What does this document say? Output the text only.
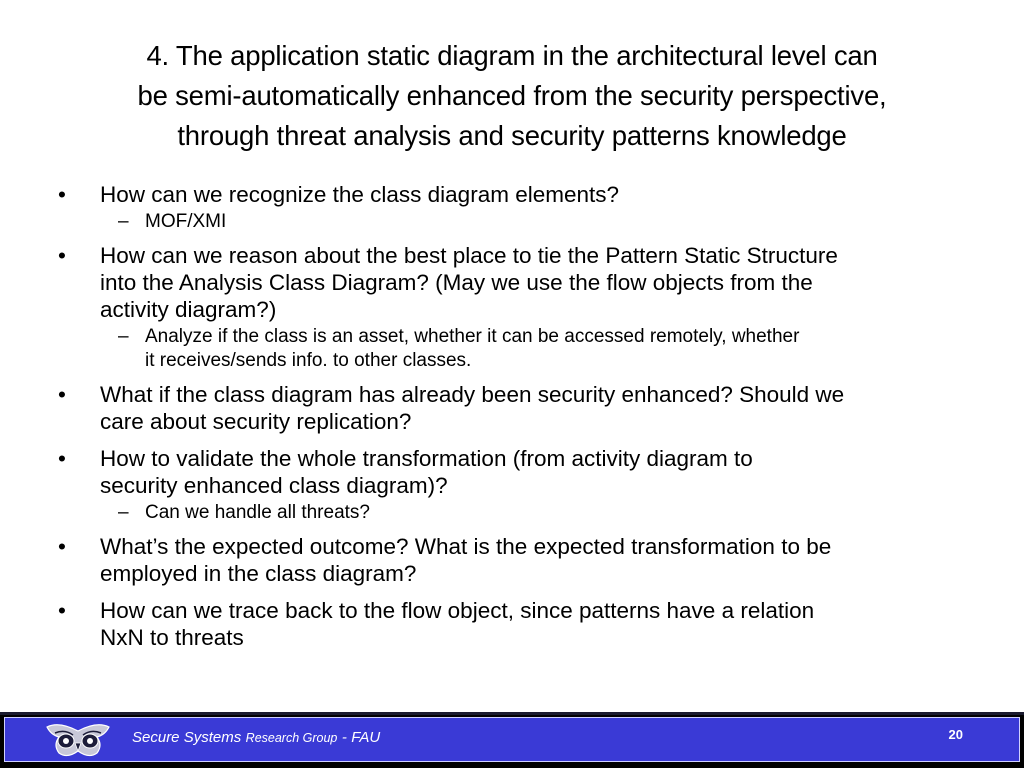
4. The application static diagram in the architectural level can
be semi-automatically enhanced from the security perspective,
through threat analysis and security patterns knowledge
• How can we recognize the class diagram elements?
– MOF/XMI
• How can we reason about the best place to tie the Pattern Static Structure
into the Analysis Class Diagram? (May we use the flow objects from the
activity diagram?)
– Analyze if the class is an asset, whether it can be accessed remotely, whether
it receives/sends info. to other classes.
• What if the class diagram has already been security enhanced? Should we
care about security replication?
• How to validate the whole transformation (from activity diagram to
security enhanced class diagram)?
– Can we handle all threats?
• What’s the expected outcome? What is the expected transformation to be
employed in the class diagram?
• How can we trace back to the flow object, since patterns have a relation
NxN to threats
Secure Systems Research Group - FAU	20
